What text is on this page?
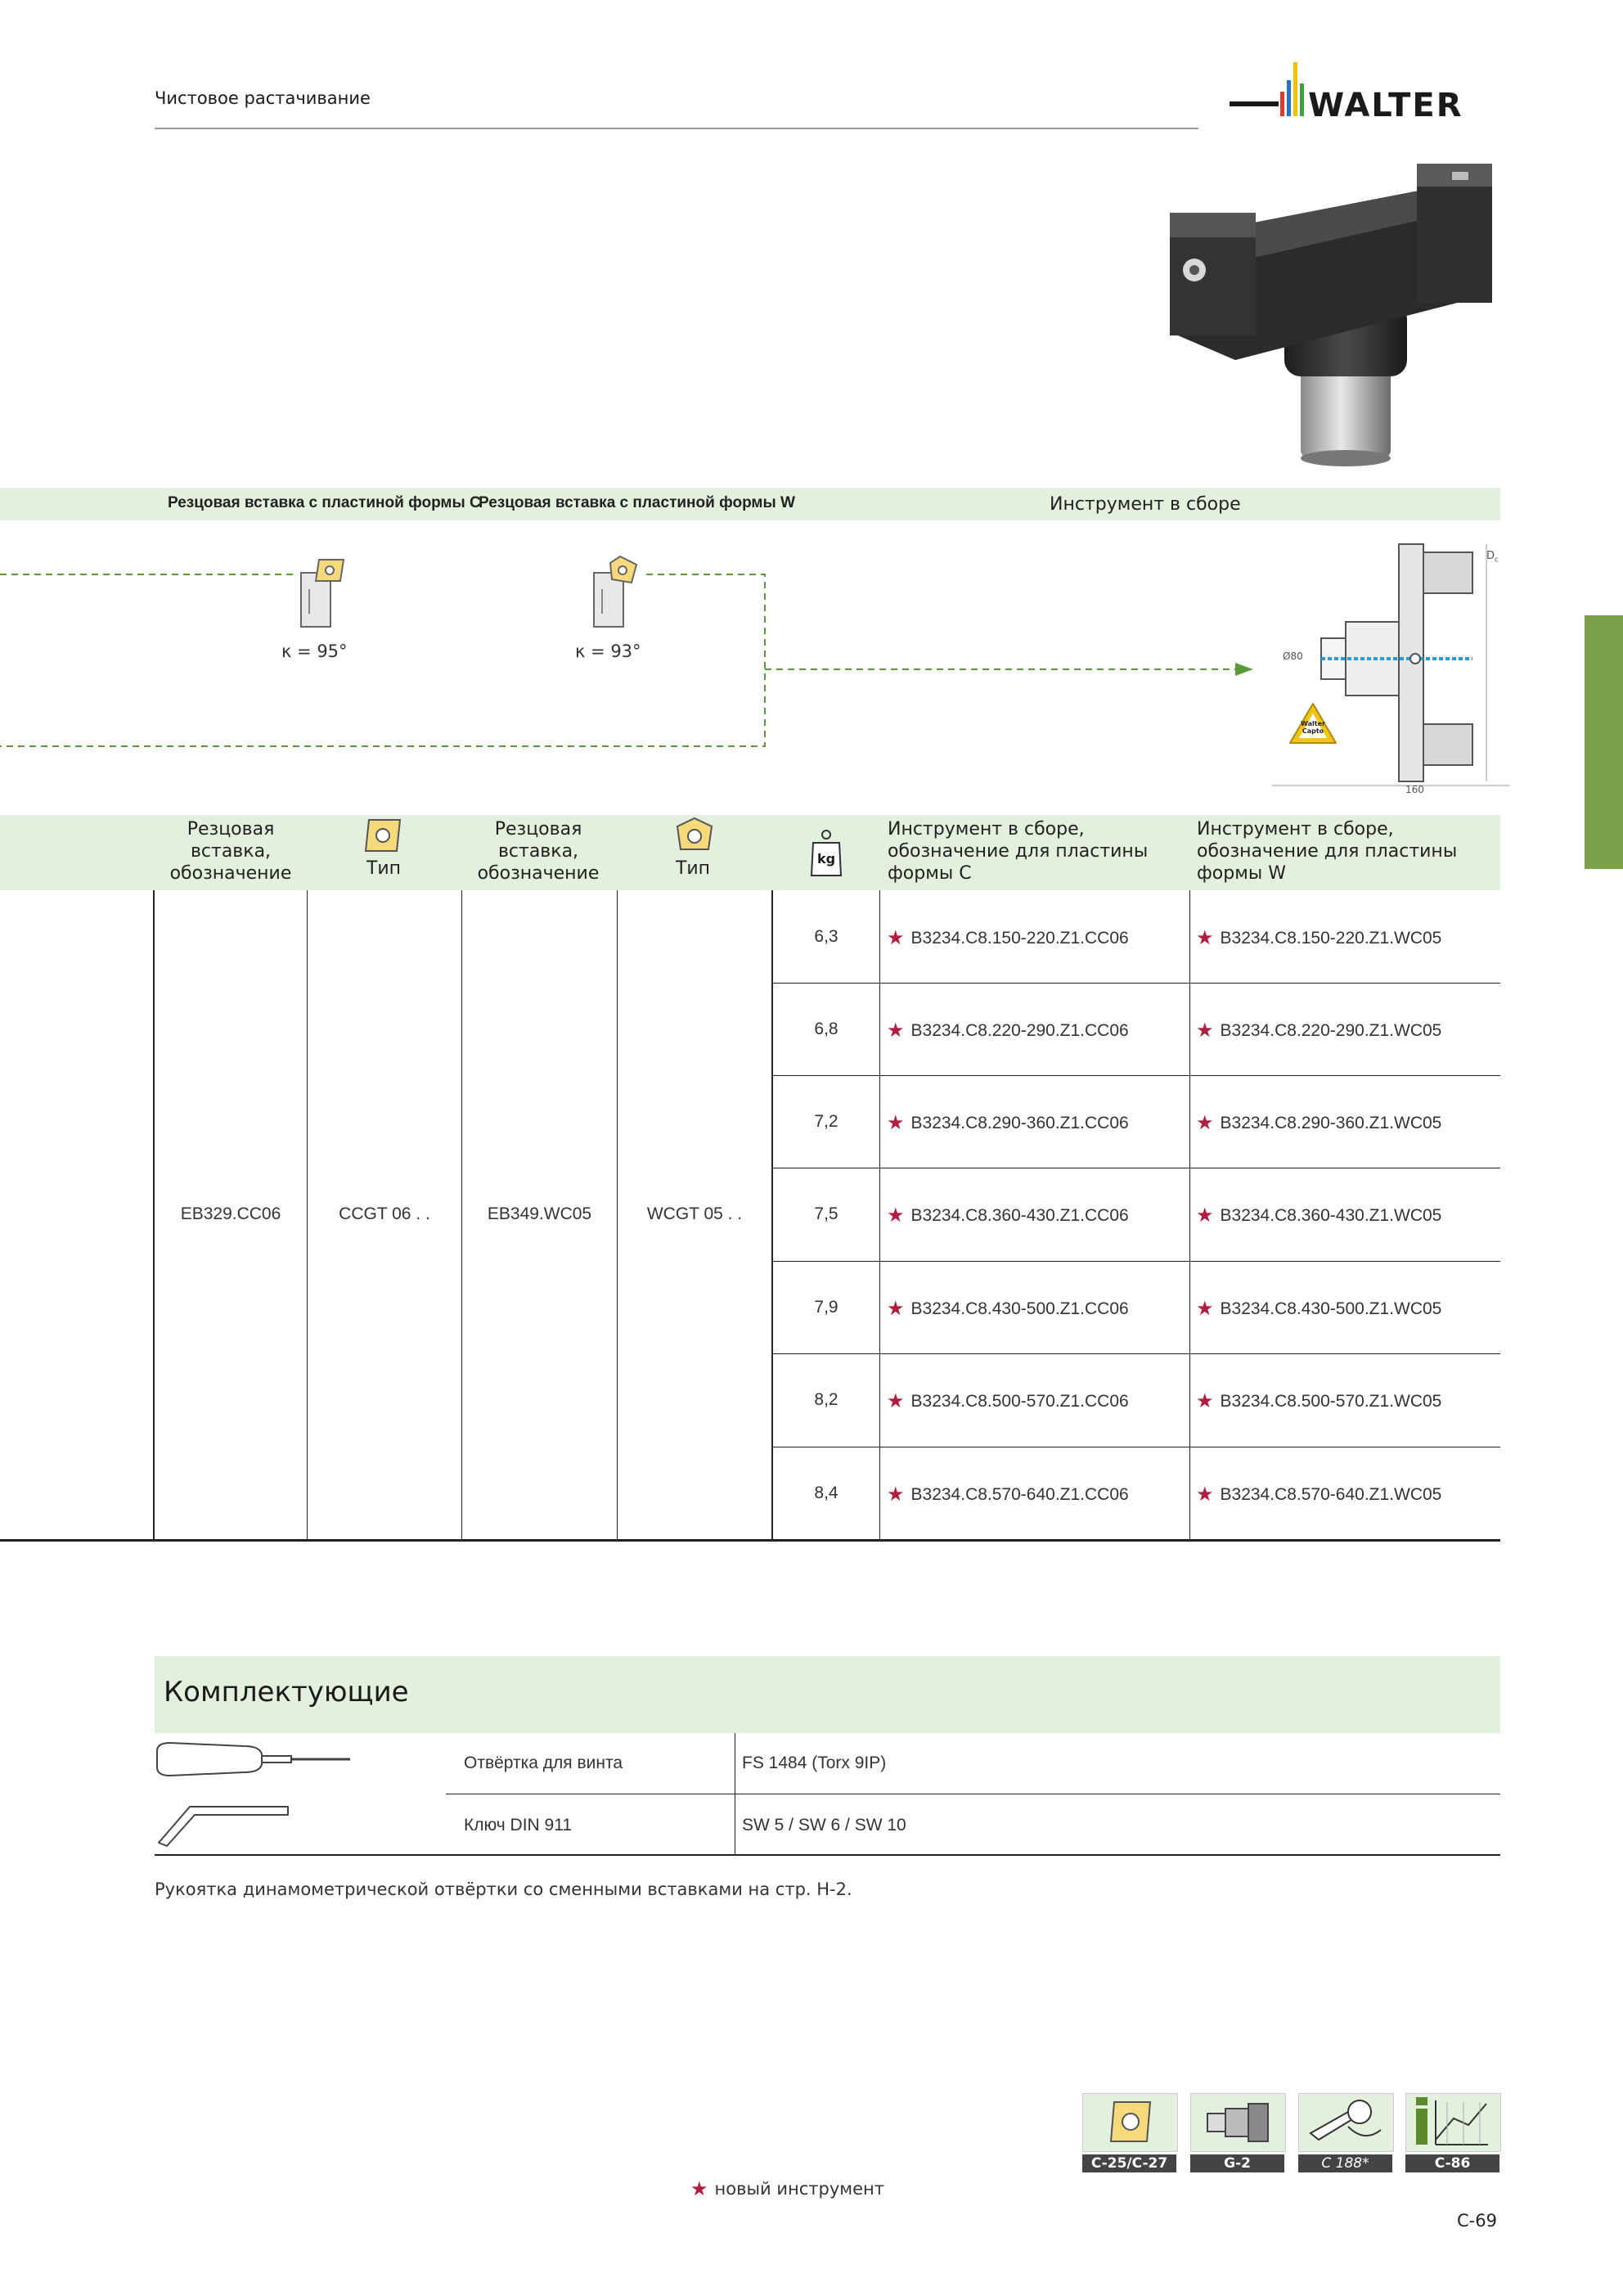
Чистовое растачивание	WALTER
Резцовая вставка с пластиной формы C
Резцовая вставка с пластиной формы W	Инструмент в сборе
κ = 95°	κ = 93°
$D_c$
Ø80
160
Walter
Capto
Резцовая вставка, обозначение	Тип
Резцовая вставка, обозначение	Тип	kg
Инструмент в сборе, обозначение для пластины формы C
Инструмент в сборе, обозначение для пластины формы W
EB329.CC06	CCGT 06 . .	EB349.WC05	WCGT 05 . .
6,3	★ B3234.C8.150-220.Z1.CC06	★ B3234.C8.150-220.Z1.WC05
6,8	★ B3234.C8.220-290.Z1.CC06	★ B3234.C8.220-290.Z1.WC05
7,2	★ B3234.C8.290-360.Z1.CC06	★ B3234.C8.290-360.Z1.WC05
7,5	★ B3234.C8.360-430.Z1.CC06	★ B3234.C8.360-430.Z1.WC05
7,9	★ B3234.C8.430-500.Z1.CC06	★ B3234.C8.430-500.Z1.WC05
8,2	★ B3234.C8.500-570.Z1.CC06	★ B3234.C8.500-570.Z1.WC05
8,4	★ B3234.C8.570-640.Z1.CC06	★ B3234.C8.570-640.Z1.WC05
Комплектующие
Отвёртка для винта	FS 1484 (Torx 9IP)
Ключ DIN 911	SW 5 / SW 6 / SW 10
Рукоятка динамометрической отвёртки со сменными вставками на стр. H-2.
C-25/C-27	G-2	C 188*	C-86
★ новый инструмент
C-69
